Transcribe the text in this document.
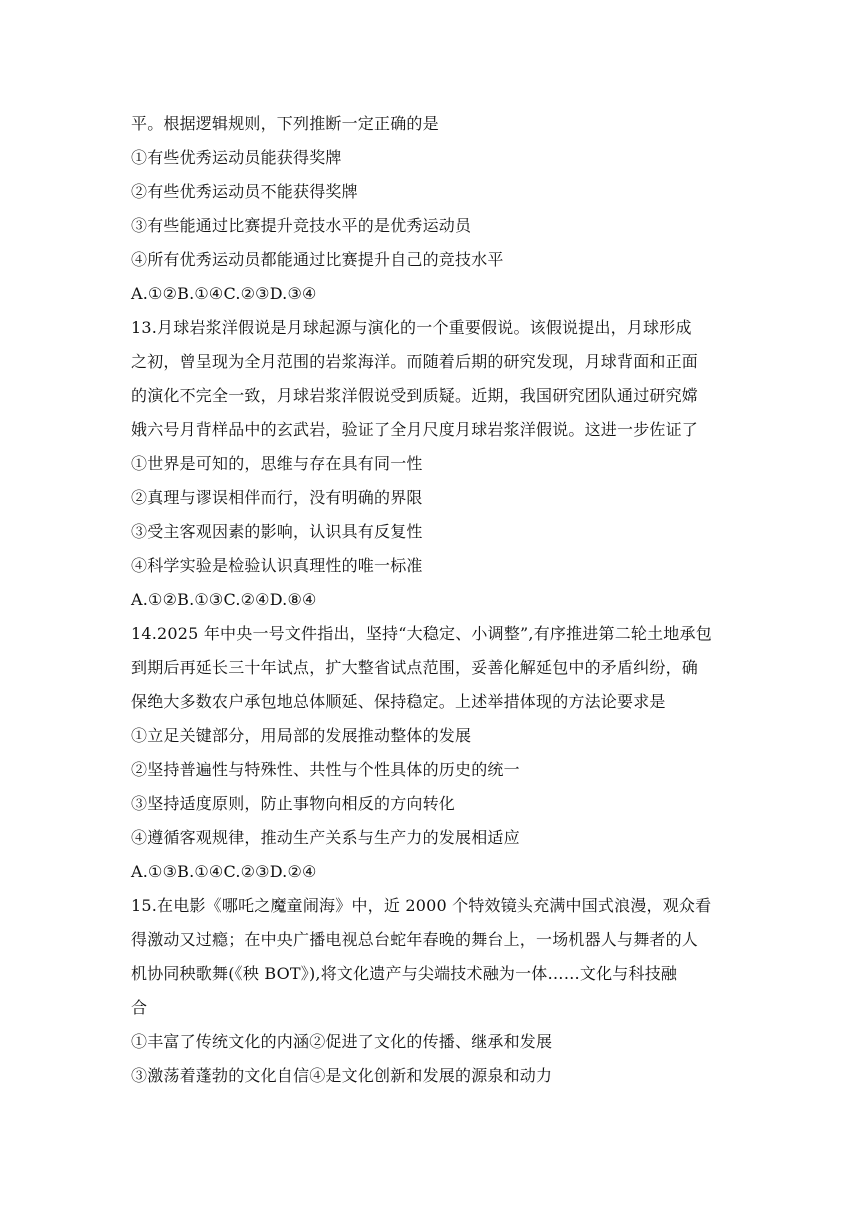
平。根据逻辑规则，下列推断一定正确的是
①有些优秀运动员能获得奖牌
②有些优秀运动员不能获得奖牌
③有些能通过比赛提升竞技水平的是优秀运动员
④所有优秀运动员都能通过比赛提升自己的竞技水平
A.①②B.①④C.②③D.③④
13.月球岩浆洋假说是月球起源与演化的一个重要假说。该假说提出，月球形成
之初，曾呈现为全月范围的岩浆海洋。而随着后期的研究发现，月球背面和正面
的演化不完全一致，月球岩浆洋假说受到质疑。近期，我国研究团队通过研究嫦
娥六号月背样品中的玄武岩，验证了全月尺度月球岩浆洋假说。这进一步佐证了
①世界是可知的，思维与存在具有同一性
②真理与谬误相伴而行，没有明确的界限
③受主客观因素的影响，认识具有反复性
④科学实验是检验认识真理性的唯一标准
A.①②B.①③C.②④D.⑧④
14.2025 年中央一号文件指出，坚持“大稳定、小调整”,有序推进第二轮土地承包
到期后再延长三十年试点，扩大整省试点范围，妥善化解延包中的矛盾纠纷，确
保绝大多数农户承包地总体顺延、保持稳定。上述举措体现的方法论要求是
①立足关键部分，用局部的发展推动整体的发展
②坚持普遍性与特殊性、共性与个性具体的历史的统一
③坚持适度原则，防止事物向相反的方向转化
④遵循客观规律，推动生产关系与生产力的发展相适应
A.①③B.①④C.②③D.②④
15.在电影《哪吒之魔童闹海》中，近 2000 个特效镜头充满中国式浪漫，观众看
得激动又过瘾；在中央广播电视总台蛇年春晚的舞台上，一场机器人与舞者的人
机协同秧歌舞(《秧 BOT》),将文化遗产与尖端技术融为一体……文化与科技融
合
①丰富了传统文化的内涵②促进了文化的传播、继承和发展
③激荡着蓬勃的文化自信④是文化创新和发展的源泉和动力
